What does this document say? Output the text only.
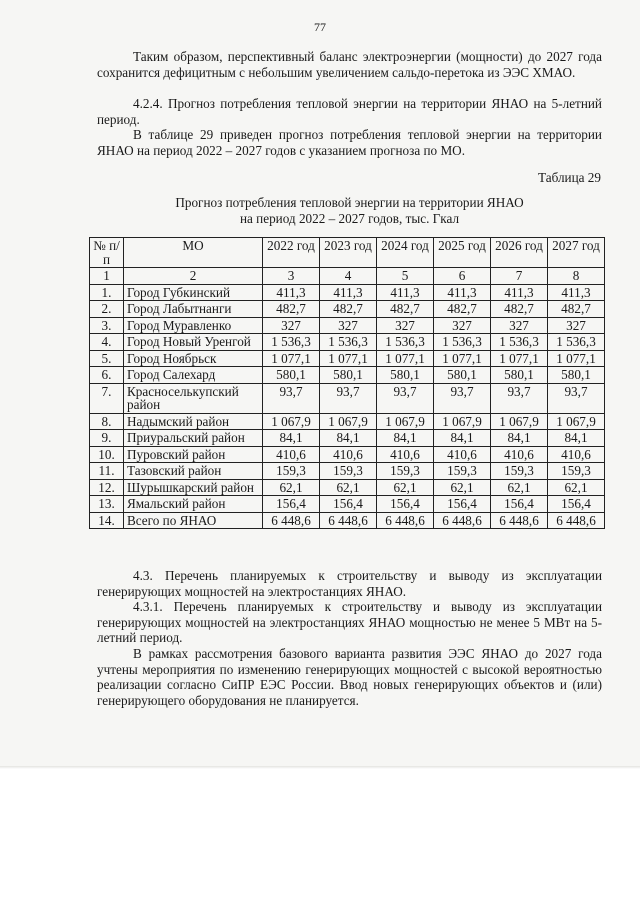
77

Таким образом, перспективный баланс электроэнергии (мощности) до 2027 года сохранится дефицитным с небольшим увеличением сальдо-перетока из ЭЭС ХМАО.

4.2.4. Прогноз потребления тепловой энергии на территории ЯНАО на 5-летний период.

В таблице 29 приведен прогноз потребления тепловой энергии на территории ЯНАО на период 2022 – 2027 годов с указанием прогноза по МО.

Таблица 29
Прогноз потребления тепловой энергии на территории ЯНАО
на период 2022 – 2027 годов, тыс. Гкал
№ п/п	МО	2022 год	2023 год	2024 год	2025 год	2026 год	2027 год
1	2	3	4	5	6	7	8
1.	Город Губкинский	411,3	411,3	411,3	411,3	411,3	411,3
2.	Город Лабытнанги	482,7	482,7	482,7	482,7	482,7	482,7
3.	Город Муравленко	327	327	327	327	327	327
4.	Город Новый Уренгой	1 536,3	1 536,3	1 536,3	1 536,3	1 536,3	1 536,3
5.	Город Ноябрьск	1 077,1	1 077,1	1 077,1	1 077,1	1 077,1	1 077,1
6.	Город Салехард	580,1	580,1	580,1	580,1	580,1	580,1
7.	Красноселькупский район	93,7	93,7	93,7	93,7	93,7	93,7
8.	Надымский район	1 067,9	1 067,9	1 067,9	1 067,9	1 067,9	1 067,9
9.	Приуральский район	84,1	84,1	84,1	84,1	84,1	84,1
10.	Пуровский район	410,6	410,6	410,6	410,6	410,6	410,6
11.	Тазовский район	159,3	159,3	159,3	159,3	159,3	159,3
12.	Шурышкарский район	62,1	62,1	62,1	62,1	62,1	62,1
13.	Ямальский район	156,4	156,4	156,4	156,4	156,4	156,4
14.	Всего по ЯНАО	6 448,6	6 448,6	6 448,6	6 448,6	6 448,6	6 448,6

4.3. Перечень планируемых к строительству и выводу из эксплуатации генерирующих мощностей на электростанциях ЯНАО.

4.3.1. Перечень планируемых к строительству и выводу из эксплуатации генерирующих мощностей на электростанциях ЯНАО мощностью не менее 5 МВт на 5-летний период.

В рамках рассмотрения базового варианта развития ЭЭС ЯНАО до 2027 года учтены мероприятия по изменению генерирующих мощностей с высокой вероятностью реализации согласно СиПР ЕЭС России. Ввод новых генерирующих объектов и (или) генерирующего оборудования не планируется.
